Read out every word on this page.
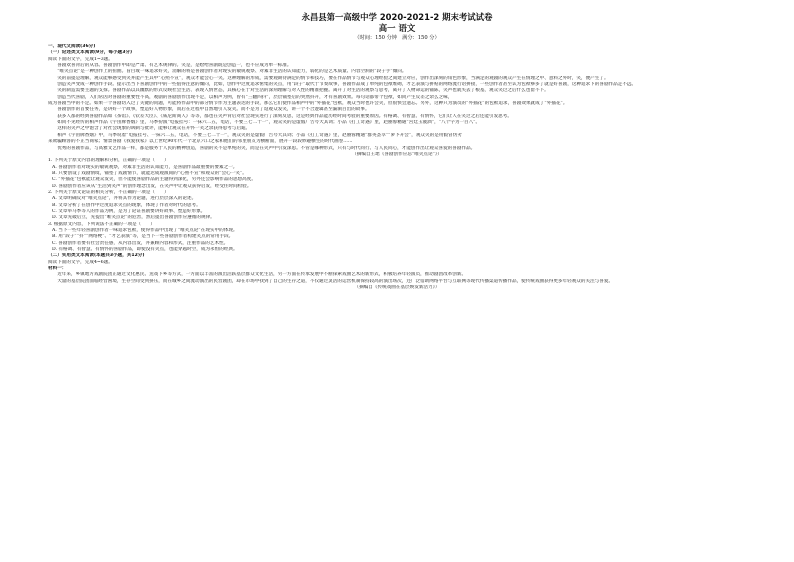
永昌县第一高级中学 2020-2021-2 期末考试试卷
高一 语文
（时间：150 分钟　满分：150 分）
一、现代文阅读(36分)
（一）论述类文本阅读(9分，每小题3分)
阅读下面的文字，完成1~3题。
　　喜剧欢喜背后的从容。喜剧创作中即是严肃、有艺术规律的。笑是，是绘给喜剧既是创造一，也不应成为单一标准。
　　“唯笑点论”是一种创作上的扭曲。盲目或一味追求好笑，消解的将是喜剧创作者对现实的敏锐观察、对素非生活的认知能力，弱化的是艺术质量、内容空洞的“段子手”倾向。
　　笑的前提是理解，观众能够感受到笑并能产生其中“心照不宣”，观众才能会心一笑。这种理解的形成，需要观期待满足的情节和技巧，要在作品情节与观众心理经验之间建立对应，创作出深刻的角色形象，当满足的观剧的观众产生在情理之中、意料之外时，笑，便产生了。
　　创造笑声变成一种创作手段。提示出当下喜剧创作中的一些值得注意的倾向，比如，创作中过度追求密集的笑点，用“段子”取代于节奏故事，喜剧作品成了单纯的包袱堆砌，才艺表演与拼贴的网络流行语拼接，一些创作者甚至认为包袱够多了就是好喜剧，这种追求下的喜剧作品走不远。
　　笑的制造需要主题的支撑。喜剧作品以其幽默的形式反映社会生活、表现人情世态，其核心在于对生活的深刻理解与对人性的精准把握。离开了对生活的观察与思考，离开了人物命运的铺陈，笑声也就失去了根基，观众笑过之后什么也留不下。
　　创造当代喜剧，人们常因对喜剧的重要性不高，观剧的喜剧创作出现不足，以相声为例，曾有“三翻四抖”，层层铺垫后的突然抖开，才有喜剧效果。每句话都带个包袱，如同产生反差之余么乏味，
成为喜剧当中的不足。如果一个喜剧切入过了关键的问题，可能将作品中的部分情节作为主题表达的手段，那么它们使作品相声中的“外插花”包袱，观众当时也许会笑，但很快会遗忘。另外，这种只为演员的“外插花”的包袱追求，喜剧效果就成了“外插花”。
　　喜剧创作的首要任务，是讲好一个故事，塑造好人物形象，而后在过程中自然地引人发笑。而不是为了逗观众发笑，讲一个不合逻辑甚至漏洞百出的故事。
　　获多人都的经典喜剧作品如《茶馆》、《钦差大臣》、《威尼斯商人》等等，都也在笑声背后对社会现实进行了深刻反思，这是经典作品能历经时间考验的重要原因。有格调、有智慧、有情怀，它们让人在笑过之后还能引发思考。
　　如同不见经传的相声作品《宇宙牌香烟》里，马季扮演“电报挂号：一抹六二五，电话，不要三七二十一”，观众笑的是虚假广告夸大其词；小品《打工奇遇》里，赵丽蓉精通“宫廷玉液酒”，“八个字为一百八”。
　　这样的笑声之中饱含了对社会现象的讽刺与批评，能够让观众在开怀一笑之余获得思考与启迪。
　　相声《宇宙牌香烟》中，马季说着“电报挂号、一抹六二五，电话，不要三七二十一”，观众笑的是虚假广告夸大其词；小品《打工奇遇》里，赵丽蓉精通“群英荟萃”“萝卜开会”，观众笑的是用假冒伪劣
来欺骗顾客的不正当商家；情景喜剧《我爱我家》以上世纪90年代一个北京六口之家和他们的邻里朋友为横断面，展开一段段妙趣横生的时代画卷……
　　优秀的喜剧作品，与高雅文艺作品一样，都是服务于人民的精神创造，喜剧的笑不是单纯的笑，而是在笑声中引发深思。不管是哪种形式，只有与时代同行、与人民同心，才能创作出让观众喜爱的喜剧作品。
（摘编自王珺《喜剧创作应忌“唯笑点论”》）
1. 下列关于原文内容的理解和分析，正确的一项是（　　）
A. 喜剧创作者对现实的敏锐观察，对素非生活的认知能力，是喜剧作品最重要的要素之一。
B. 只要创设了戏剧情境，铺垫了戏剧情节，就能达成观演间的“心照不宣”和观众的“会心一笑”。
C. “外插花”包袱能让观众发笑，但不能使喜剧作品的主题得到深化，另外还会影响作品的思想高度。
D. 喜剧创作者应该从“生活到笑声”的创作理念出发，在笑声中让观众获得启发，经受住时间检验。
2. 下列关于原文论证的相关分析，不正确的一项是（　　）
A. 文章明确反对“唯笑点论”，并将其作为论题，进行层层深入的论述。
B. 文章分析了在创作中过度追求笑点的现象，体现了作者对时代的思考。
C. 文章举马季等人的作品为例，是为了论证喜剧要讲好故事、塑造好形象。
D. 文章先破后立，先提出“唯笑点论”的危害，然后提出喜剧创作应遵循的规律。
3. 根据原文内容，下列说法不正确的一项是（　　）
A. 当下一些年轻喜剧创作者一味追求包袱，使得作品中出现了“唯笑点论”在现实中的体现。
B. 用“段子”“抖”“网络梗”、“才艺表演”等，是当下一些喜剧创作者构建笑点的常用手段。
C. 喜剧创作者要有社会责任感，从内容出发，并兼顾内容和形式，注重作品的艺术性。
D. 有格调、有智慧、有情怀的喜剧作品，即使没有笑点，也能穿越时空，成为永恒的经典。
（二）实用类文本阅读(本题共3小题，共12分)
阅读下面的文字，完成4~6题。
材料一：
　　近年来，乡镇地方戏剧院团正通过文化惠民、送戏下乡等方式，一方面以丰富的演出活跃基层群众文化生活，另一方面在传承发展中不断探索戏曲艺术的新形式，积极培养年轻演员，推动剧团改革创新。
　　大量的基层院团面临经营困境，生存空间受到挤压，而在城乡之间流动演出的民营剧团，却在市场中找到了自己的生存之道，不仅通过灵活的运营机制保持较高的演出场次，还广泛借助网络平台与互联网等现代传播渠道传播作品，使传统戏曲获得更多年轻观众的关注与喜爱。
（摘编自《传统戏曲在基层焕发新活力》）
